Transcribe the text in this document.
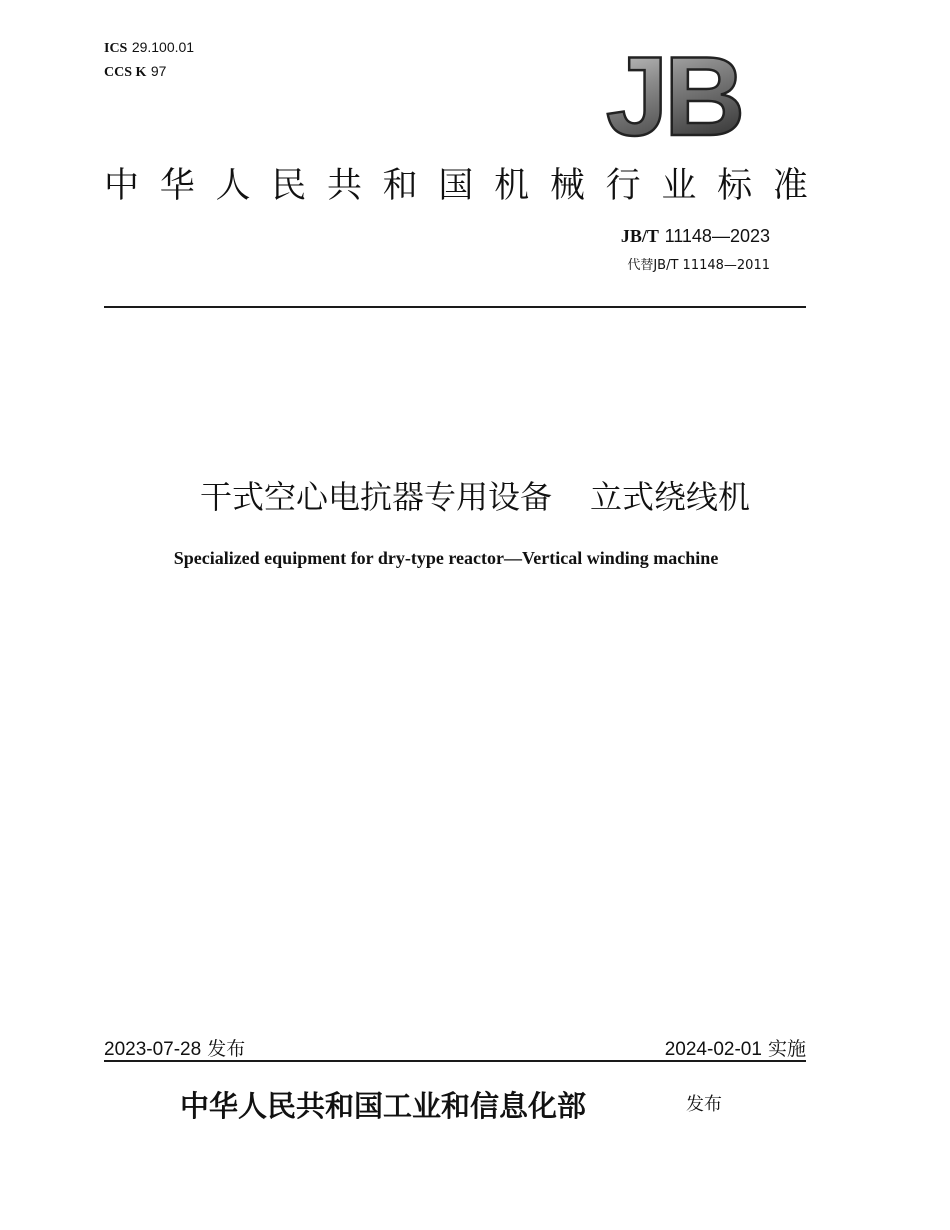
ICS 29.100.01
CCS K 97	JB
中 华 人 民 共 和 国 机 械 行 业 标 准
JB/T 11148—2023
代替JB/T 11148—2011
干式空心电抗器专用设备 立式绕线机
Specialized equipment for dry-type reactor—Vertical winding machine
2023-07-28 发布	2024-02-01 实施
中华人民共和国工业和信息化部	发布
